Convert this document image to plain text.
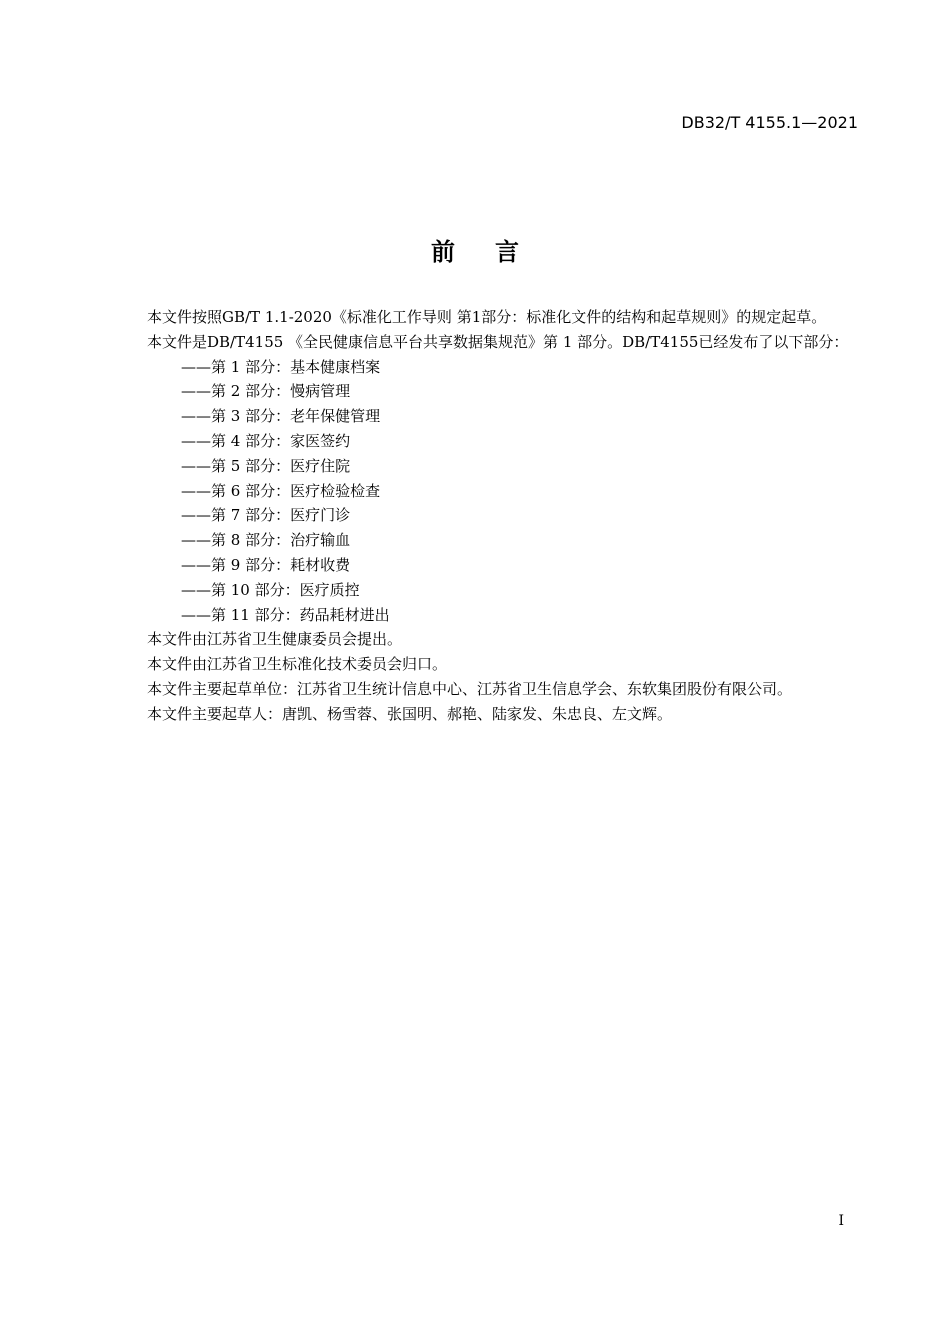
DB32/T 4155.1—2021
前言

本文件按照GB/T 1.1-2020《标准化工作导则 第1部分：标准化文件的结构和起草规则》的规定起草。

本文件是DB/T4155 《全民健康信息平台共享数据集规范》第 1 部分。DB/T4155已经发布了以下部分：

——第 1 部分：基本健康档案
——第 2 部分：慢病管理
——第 3 部分：老年保健管理
——第 4 部分：家医签约
——第 5 部分：医疗住院
——第 6 部分：医疗检验检查
——第 7 部分：医疗门诊
——第 8 部分：治疗输血
——第 9 部分：耗材收费
——第 10 部分：医疗质控
——第 11 部分：药品耗材进出

本文件由江苏省卫生健康委员会提出。

本文件由江苏省卫生标准化技术委员会归口。

本文件主要起草单位：江苏省卫生统计信息中心、江苏省卫生信息学会、东软集团股份有限公司。

本文件主要起草人：唐凯、杨雪蓉、张国明、郝艳、陆家发、朱忠良、左文辉。

I
